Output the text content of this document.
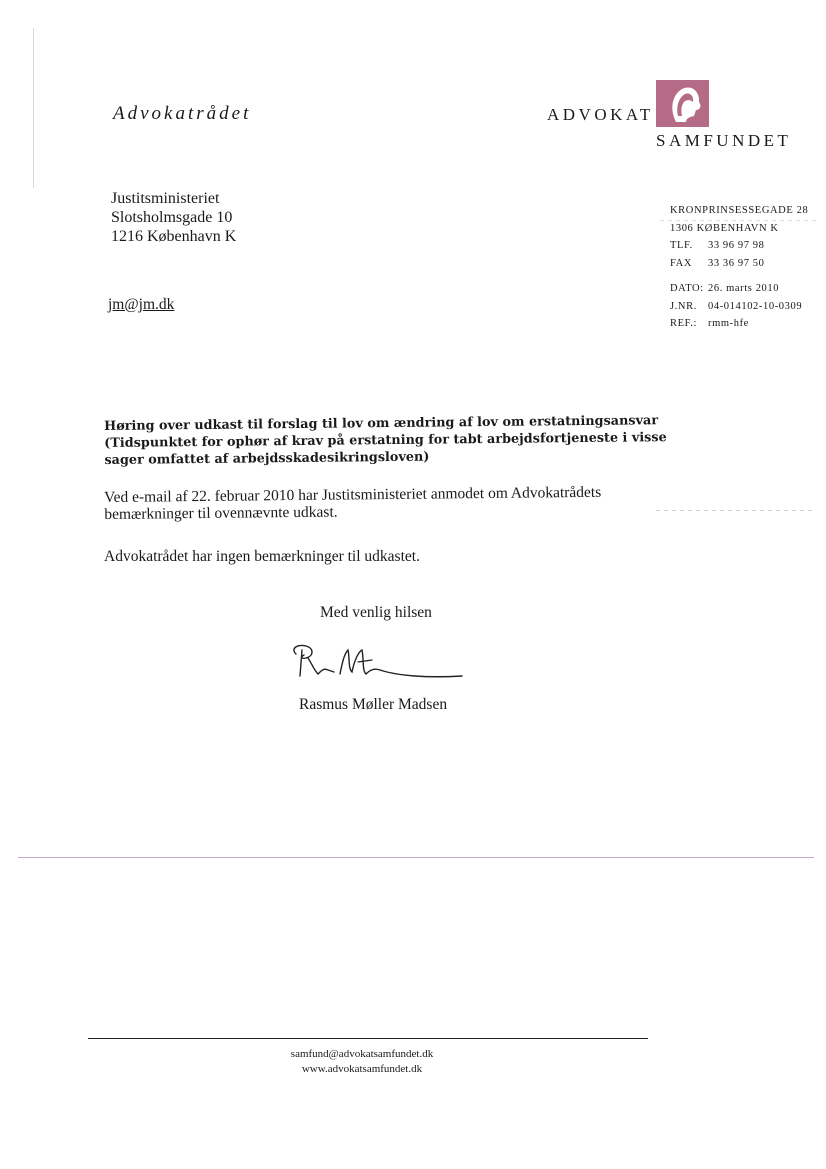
Advokatrådet	ADVOKAT
SAMFUNDET
Justitsministeriet
Slotsholmsgade 10
1216 København K
jm@jm.dk
KRONPRINSESSEGADE 28
1306 KØBENHAVN K
TLF. 33 96 97 98
FAX 33 36 97 50
DATO: 26. marts 2010
J.NR. 04-014102-10-0309
REF.: rmm-hfe
Høring over udkast til forslag til lov om ændring af lov om erstatningsansvar (Tidspunktet for ophør af krav på erstatning for tabt arbejdsfortjeneste i visse sager omfattet af arbejdsskadesikringsloven)
Ved e-mail af 22. februar 2010 har Justitsministeriet anmodet om Advokatrådets bemærkninger til ovennævnte udkast.
Advokatrådet har ingen bemærkninger til udkastet.
Med venlig hilsen
Rasmus Møller Madsen
samfund@advokatsamfundet.dk
www.advokatsamfundet.dk
